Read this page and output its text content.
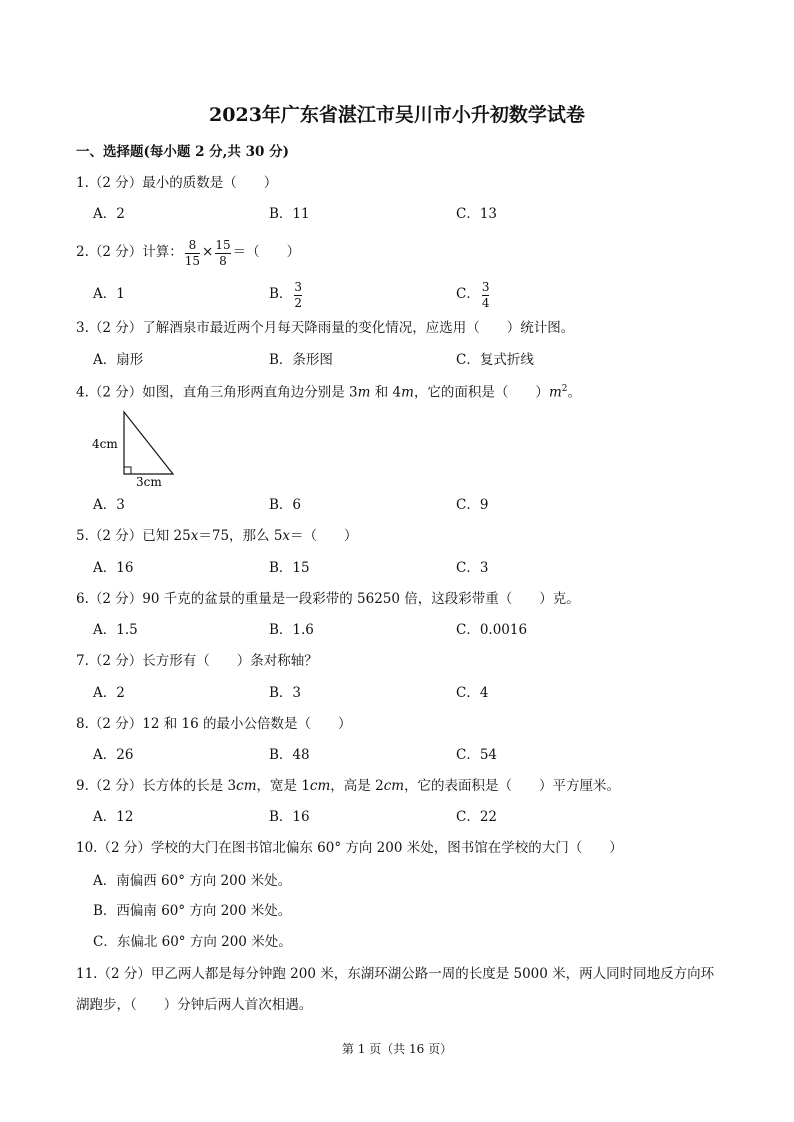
2023年广东省湛江市吴川市小升初数学试卷
一、选择题(每小题 2 分,共 30 分)
1.（2 分）最小的质数是（　　）
A．2	B．11	C．13
2.（2 分）计算： $\frac{8}{15} \times \frac{15}{8}$ ＝（　　）
A．1	B． $\frac{3}{2}$	C． $\frac{3}{4}$
3.（2 分）了解酒泉市最近两个月每天降雨量的变化情况，应选用（　　）统计图。
A．扇形	B．条形图	C．复式折线
4.（2 分）如图，直角三角形两直角边分别是 3m 和 4m，它的面积是（　　）$m^2$。
4cm
3cm
A．3	B．6	C．9
5.（2 分）已知 25x＝75，那么 5x＝（　　）
A．16	B．15	C．3
6.（2 分）90 千克的盆景的重量是一段彩带的 56250 倍，这段彩带重（　　）克。
A．1.5	B．1.6	C．0.0016
7.（2 分）长方形有（　　）条对称轴？
A．2	B．3	C．4
8.（2 分）12 和 16 的最小公倍数是（　　）
A．26	B．48	C．54
9.（2 分）长方体的长是 3cm，宽是 1cm，高是 2cm，它的表面积是（　　）平方厘米。
A．12	B．16	C．22
10.（2 分）学校的大门在图书馆北偏东 60° 方向 200 米处，图书馆在学校的大门（　　）
A．南偏西 60° 方向 200 米处。
B．西偏南 60° 方向 200 米处。
C．东偏北 60° 方向 200 米处。
11.（2 分）甲乙两人都是每分钟跑 200 米，东湖环湖公路一周的长度是 5000 米，两人同时同地反方向环
湖跑步，（　　）分钟后两人首次相遇。
第 1 页（共 16 页）
